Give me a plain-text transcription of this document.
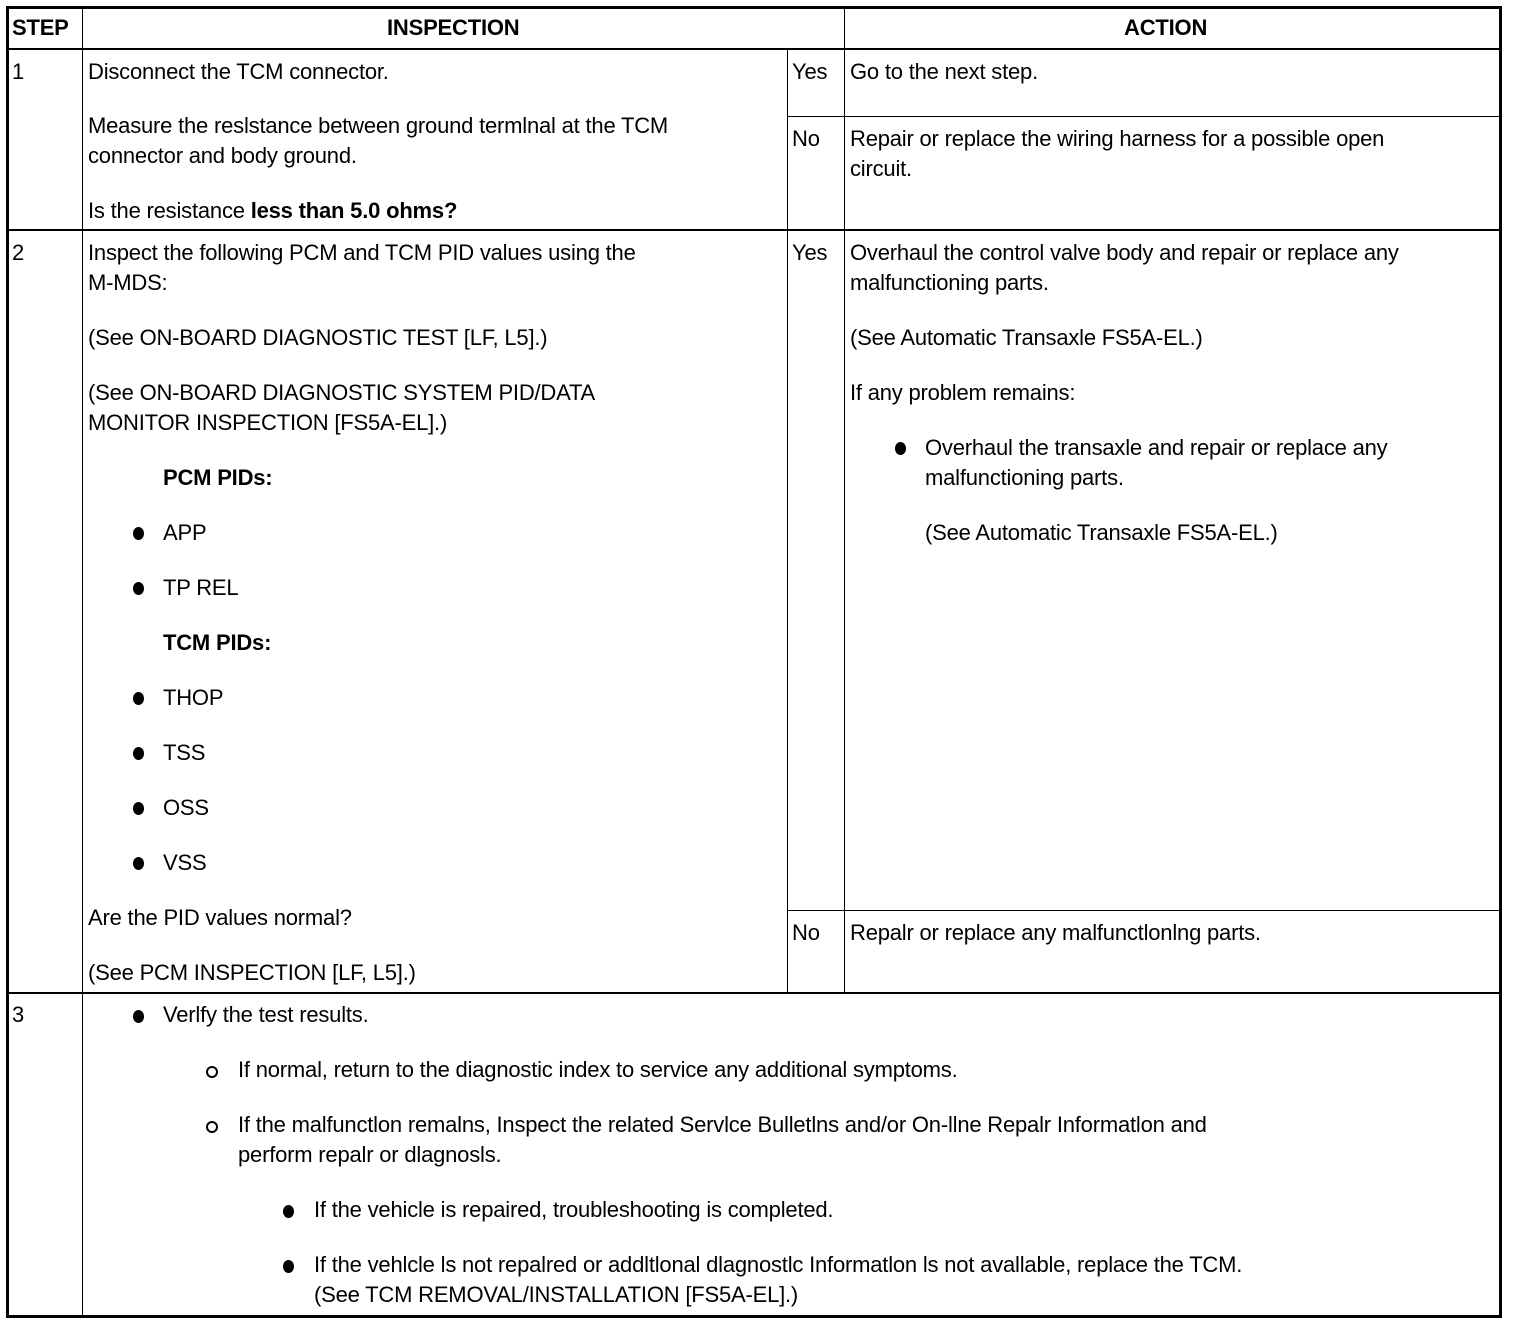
STEP	INSPECTION	ACTION
1	Disconnect the TCM connector.
Measure the reslstance between ground termlnal at the TCM
connector and body ground.
Is the resistance less than 5.0 ohms?
Yes Go to the next step.
No Repair or replace the wiring harness for a possible open
circuit.
2	Inspect the following PCM and TCM PID values using the
M-MDS:
(See ON-BOARD DIAGNOSTIC TEST [LF, L5].)
(See ON-BOARD DIAGNOSTIC SYSTEM PID/DATA
MONITOR INSPECTION [FS5A-EL].)
PCM PIDs:
APP
TP REL
TCM PIDs:
THOP
TSS
OSS
VSS
Are the PID values normal?
(See PCM INSPECTION [LF, L5].)
Yes Overhaul the control valve body and repair or replace any
malfunctioning parts.
(See Automatic Transaxle FS5A-EL.)
If any problem remains:
Overhaul the transaxle and repair or replace any
malfunctioning parts.
(See Automatic Transaxle FS5A-EL.)
No Repalr or replace any malfunctlonlng parts.
3	Verlfy the test results.
If normal, return to the diagnostic index to service any additional symptoms.
If the malfunctlon remalns, Inspect the related Servlce Bulletlns and/or On-llne Repalr Informatlon and
perform repalr or dlagnosls.
If the vehicle is repaired, troubleshooting is completed.
If the vehlcle ls not repalred or addltlonal dlagnostlc Informatlon ls not avallable, replace the TCM.
(See TCM REMOVAL/INSTALLATION [FS5A-EL].)
